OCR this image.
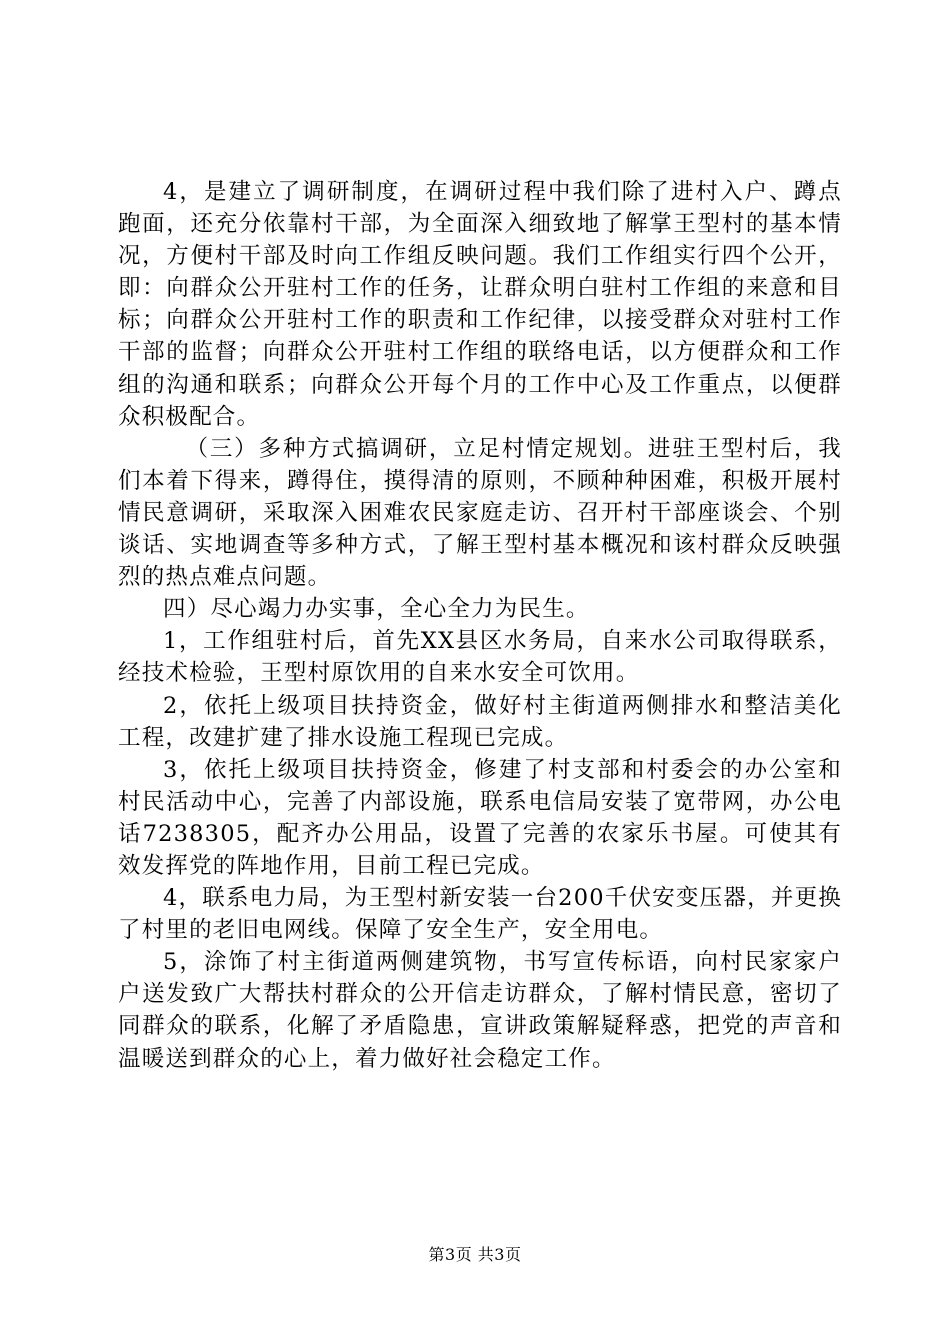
4，是建立了调研制度，在调研过程中我们除了进村入户、蹲点跑面，还充分依靠村干部，为全面深入细致地了解掌王型村的基本情况，方便村干部及时向工作组反映问题。我们工作组实行四个公开，即：向群众公开驻村工作的任务，让群众明白驻村工作组的来意和目标；向群众公开驻村工作的职责和工作纪律，以接受群众对驻村工作干部的监督；向群众公开驻村工作组的联络电话，以方便群众和工作组的沟通和联系；向群众公开每个月的工作中心及工作重点，以便群众积极配合。

（三）多种方式搞调研，立足村情定规划。进驻王型村后，我们本着下得来，蹲得住，摸得清的原则，不顾种种困难，积极开展村情民意调研，采取深入困难农民家庭走访、召开村干部座谈会、个别谈话、实地调查等多种方式，了解王型村基本概况和该村群众反映强烈的热点难点问题。

四）尽心竭力办实事，全心全力为民生。

1，工作组驻村后，首先XX县区水务局，自来水公司取得联系，经技术检验，王型村原饮用的自来水安全可饮用。

2，依托上级项目扶持资金，做好村主街道两侧排水和整洁美化工程，改建扩建了排水设施工程现已完成。

3，依托上级项目扶持资金，修建了村支部和村委会的办公室和村民活动中心，完善了内部设施，联系电信局安装了宽带网，办公电话7238305，配齐办公用品，设置了完善的农家乐书屋。可使其有效发挥党的阵地作用，目前工程已完成。

4，联系电力局，为王型村新安装一台200千伏安变压器，并更换了村里的老旧电网线。保障了安全生产，安全用电。

5，涂饰了村主街道两侧建筑物，书写宣传标语，向村民家家户户送发致广大帮扶村群众的公开信走访群众，了解村情民意，密切了同群众的联系，化解了矛盾隐患，宣讲政策解疑释惑，把党的声音和温暖送到群众的心上，着力做好社会稳定工作。

第3页 共3页
